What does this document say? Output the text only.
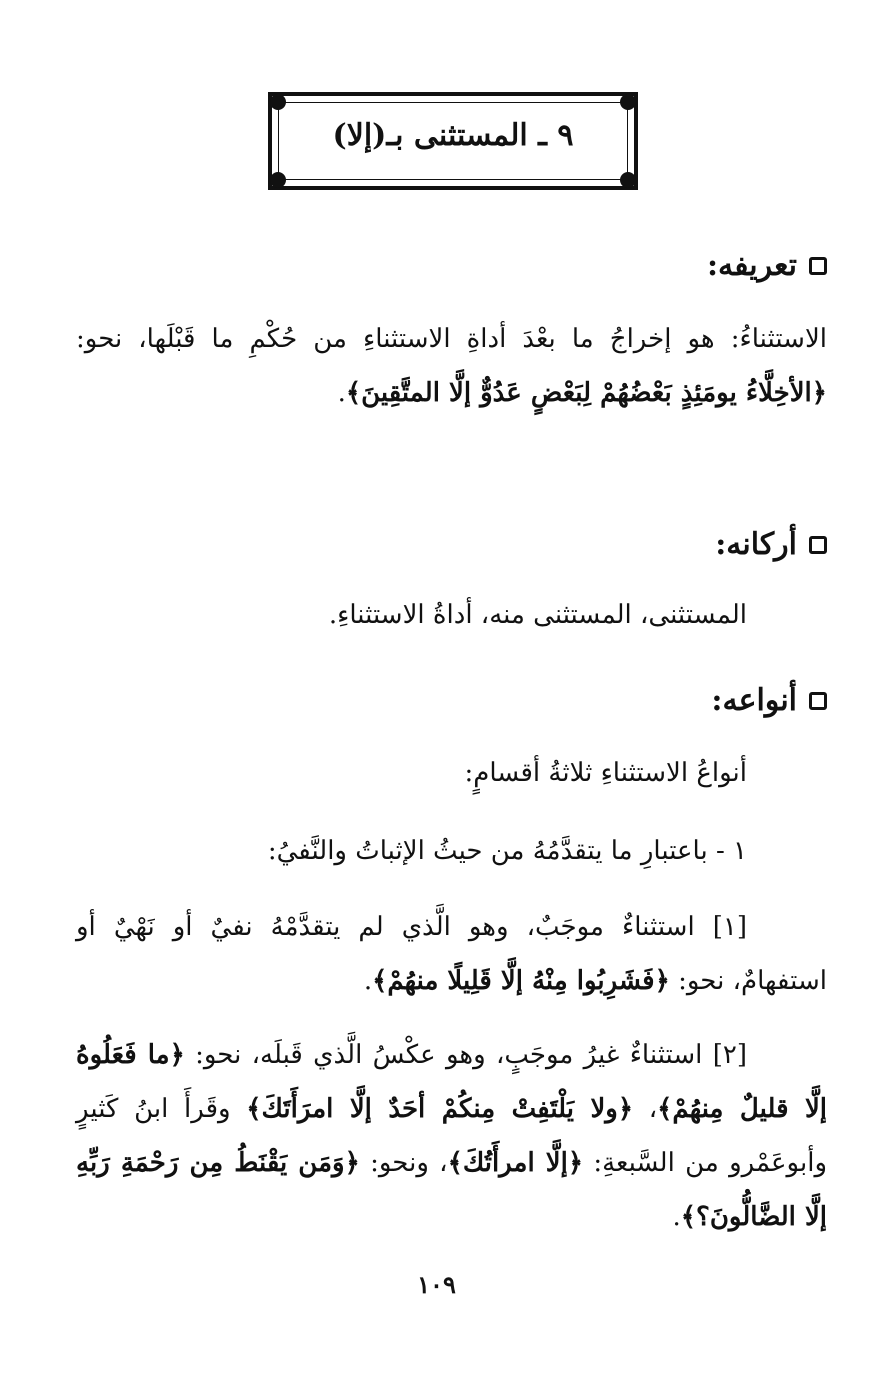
٩ ـ المستثنى بـ(إلا)
تعريفه:
الاستثناءُ: هو إخراجُ ما بعْدَ أداةِ الاستثناءِ من حُكْمِ ما قَبْلَها، نحو: ﴿الأخِلَّاءُ يومَئِذٍ بَعْضُهُمْ لِبَعْضٍ عَدُوٌّ إلَّا المتَّقِينَ﴾.
أركانه:
المستثنى، المستثنى منه، أداةُ الاستثناءِ.
أنواعه:
أنواعُ الاستثناءِ ثلاثةُ أقسامٍ:
١ - باعتبارِ ما يتقدَّمُهُ من حيثُ الإثباتُ والنَّفيُ:
[١] استثناءٌ موجَبٌ، وهو الَّذي لم يتقدَّمْهُ نفيٌ أو نَهْيٌ أو استفهامٌ، نحو: ﴿فَشَرِبُوا مِنْهُ إلَّا قَلِيلًا منهُمْ﴾.
[٢] استثناءٌ غيرُ موجَبٍ، وهو عكْسُ الَّذي قَبلَه، نحو: ﴿ما فَعَلُوهُ إلَّا قليلٌ مِنهُمْ﴾، ﴿ولا يَلْتَفِتْ مِنكُمْ أحَدٌ إلَّا امرَأَتَكَ﴾ وقَرأَ ابنُ كَثيرٍ وأبوعَمْرو من السَّبعةِ: ﴿إلَّا امرأَتُكَ﴾، ونحو: ﴿وَمَن يَقْنَطُ مِن رَحْمَةِ رَبِّهِ إلَّا الضَّالُّونَ؟﴾.
١٠٩
